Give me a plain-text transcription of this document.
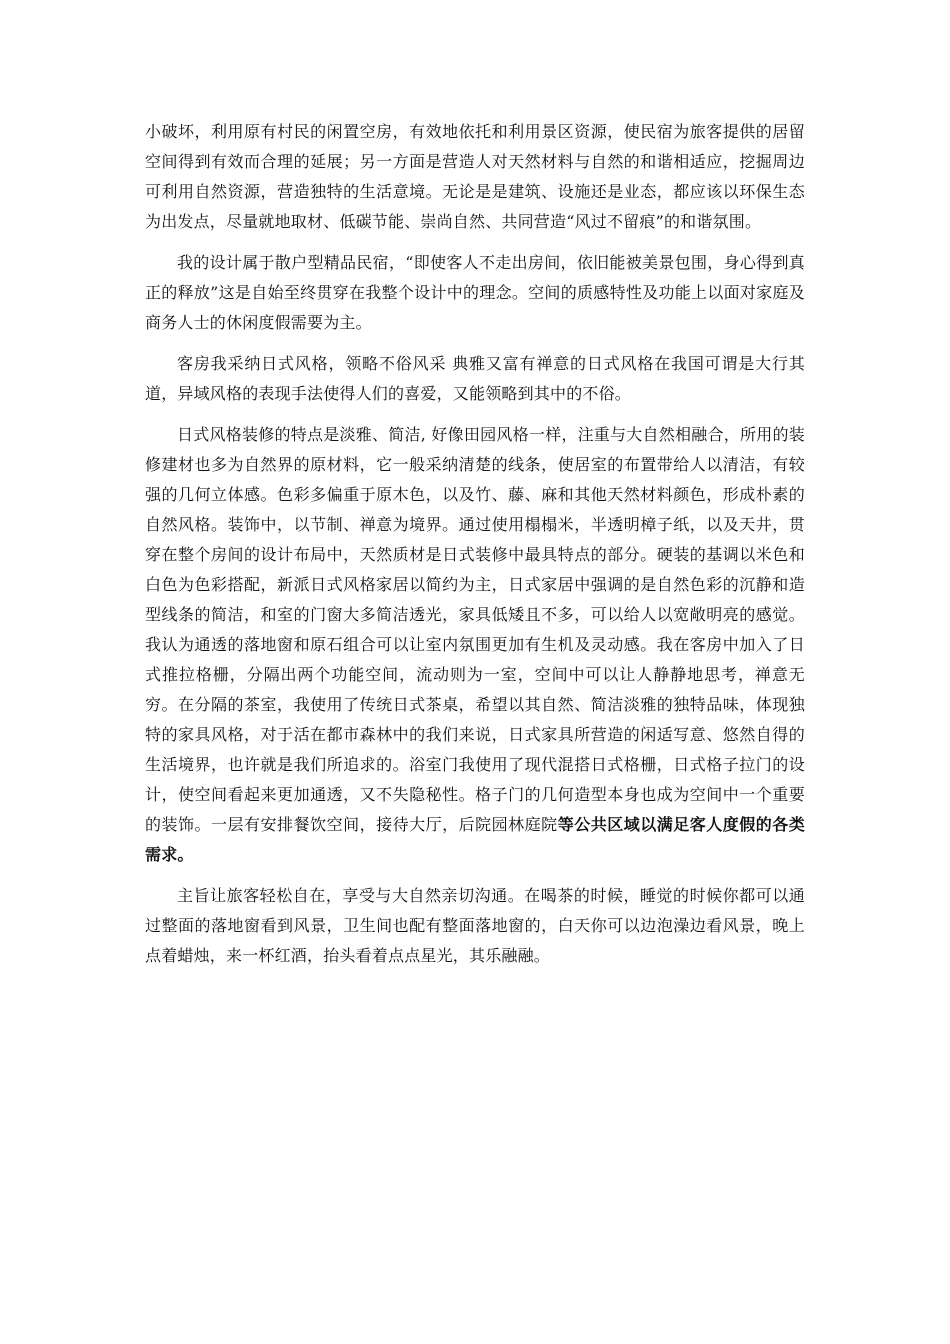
小破坏，利用原有村民的闲置空房，有效地依托和利用景区资源，使民宿为旅客提供的居留空间得到有效而合理的延展；另一方面是营造人对天然材料与自然的和谐相适应，挖掘周边可利用自然资源，营造独特的生活意境。无论是是建筑、设施还是业态，都应该以环保生态为出发点，尽量就地取材、低碳节能、崇尚自然、共同营造“风过不留痕”的和谐氛围。

我的设计属于散户型精品民宿，“即使客人不走出房间，依旧能被美景包围，身心得到真正的释放”这是自始至终贯穿在我整个设计中的理念。空间的质感特性及功能上以面对家庭及商务人士的休闲度假需要为主。

客房我采纳日式风格，领略不俗风采 典雅又富有禅意的日式风格在我国可谓是大行其道，异域风格的表现手法使得人们的喜爱，又能领略到其中的不俗。

日式风格装修的特点是淡雅、简洁, 好像田园风格一样，注重与大自然相融合，所用的装修建材也多为自然界的原材料，它一般采纳清楚的线条，使居室的布置带给人以清洁，有较强的几何立体感。色彩多偏重于原木色，以及竹、藤、麻和其他天然材料颜色，形成朴素的自然风格。装饰中，以节制、禅意为境界。通过使用榻榻米，半透明樟子纸，以及天井，贯穿在整个房间的设计布局中，天然质材是日式装修中最具特点的部分。硬装的基调以米色和白色为色彩搭配，新派日式风格家居以简约为主，日式家居中强调的是自然色彩的沉静和造型线条的简洁，和室的门窗大多简洁透光，家具低矮且不多，可以给人以宽敞明亮的感觉。我认为通透的落地窗和原石组合可以让室内氛围更加有生机及灵动感。我在客房中加入了日式推拉格栅，分隔出两个功能空间，流动则为一室，空间中可以让人静静地思考，禅意无穷。在分隔的茶室，我使用了传统日式茶桌，希望以其自然、简洁淡雅的独特品味，体现独特的家具风格，对于活在都市森林中的我们来说，日式家具所营造的闲适写意、悠然自得的生活境界，也许就是我们所追求的。浴室门我使用了现代混搭日式格栅，日式格子拉门的设计，使空间看起来更加通透，又不失隐秘性。格子门的几何造型本身也成为空间中一个重要的装饰。一层有安排餐饮空间，接待大厅，后院园林庭院等公共区域以满足客人度假的各类需求。

主旨让旅客轻松自在，享受与大自然亲切沟通。在喝茶的时候，睡觉的时候你都可以通过整面的落地窗看到风景，卫生间也配有整面落地窗的，白天你可以边泡澡边看风景，晚上点着蜡烛，来一杯红酒，抬头看着点点星光，其乐融融。
